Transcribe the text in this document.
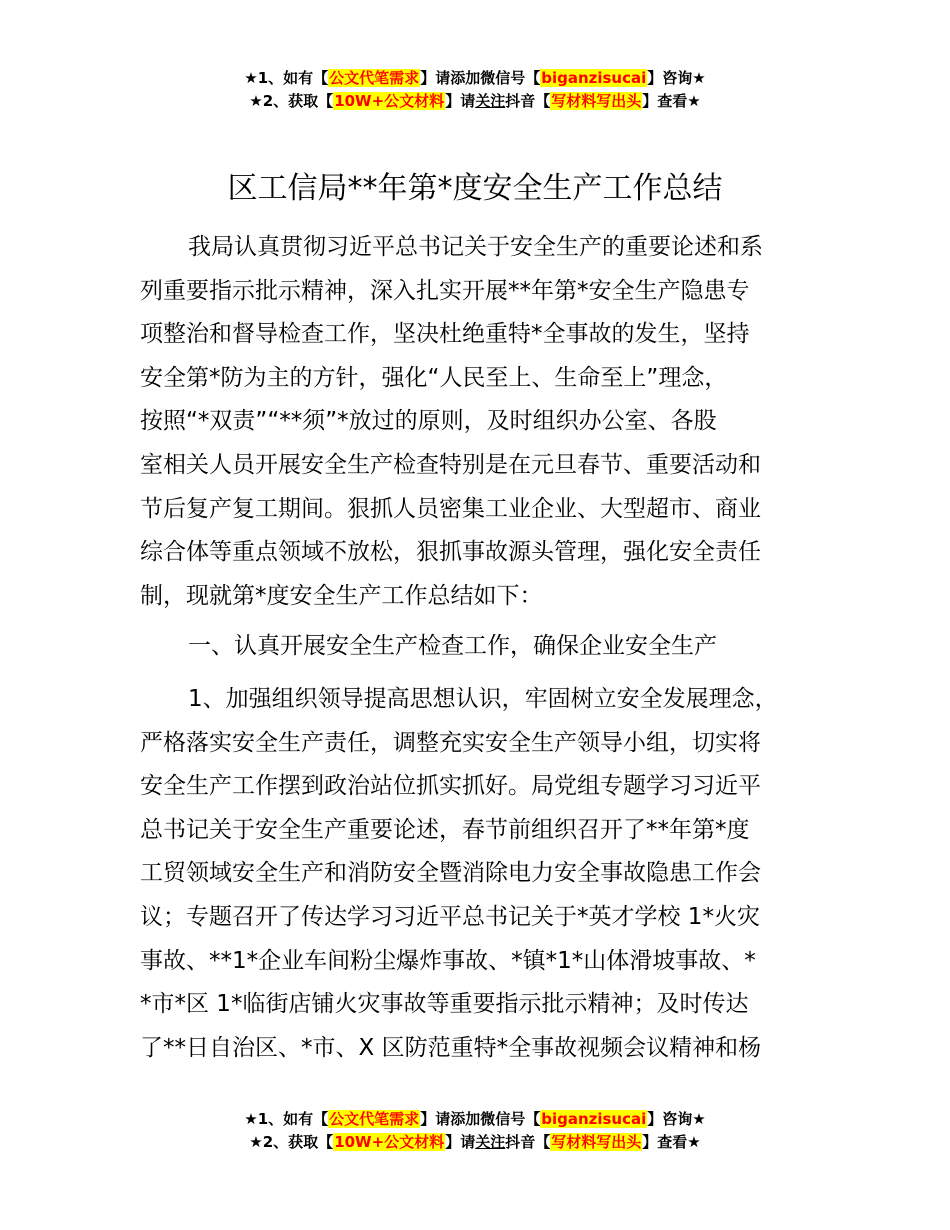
★1、如有【公文代笔需求】请添加微信号【biganzisucai】咨询★
★2、获取【10W+公文材料】请关注抖音【写材料写出头】查看★
区工信局**年第*度安全生产工作总结
我局认真贯彻习近平总书记关于安全生产的重要论述和系
列重要指示批示精神，深入扎实开展**年第*安全生产隐患专
项整治和督导检查工作，坚决杜绝重特*全事故的发生，坚持
安全第*防为主的方针，强化“人民至上、生命至上”理念，
按照“*双责”“**须”*放过的原则，及时组织办公室、各股
室相关人员开展安全生产检查特别是在元旦春节、重要活动和
节后复产复工期间。狠抓人员密集工业企业、大型超市、商业
综合体等重点领域不放松，狠抓事故源头管理，强化安全责任
制，现就第*度安全生产工作总结如下：
一、认真开展安全生产检查工作，确保企业安全生产
1、加强组织领导提高思想认识，牢固树立安全发展理念，
严格落实安全生产责任，调整充实安全生产领导小组，切实将
安全生产工作摆到政治站位抓实抓好。局党组专题学习习近平
总书记关于安全生产重要论述，春节前组织召开了**年第*度
工贸领域安全生产和消防安全暨消除电力安全事故隐患工作会
议；专题召开了传达学习习近平总书记关于*英才学校 1*火灾
事故、**1*企业车间粉尘爆炸事故、*镇*1*山体滑坡事故、*
*市*区 1*临街店铺火灾事故等重要指示批示精神；及时传达
了**日自治区、*市、X 区防范重特*全事故视频会议精神和杨
★1、如有【公文代笔需求】请添加微信号【biganzisucai】咨询★
★2、获取【10W+公文材料】请关注抖音【写材料写出头】查看★
